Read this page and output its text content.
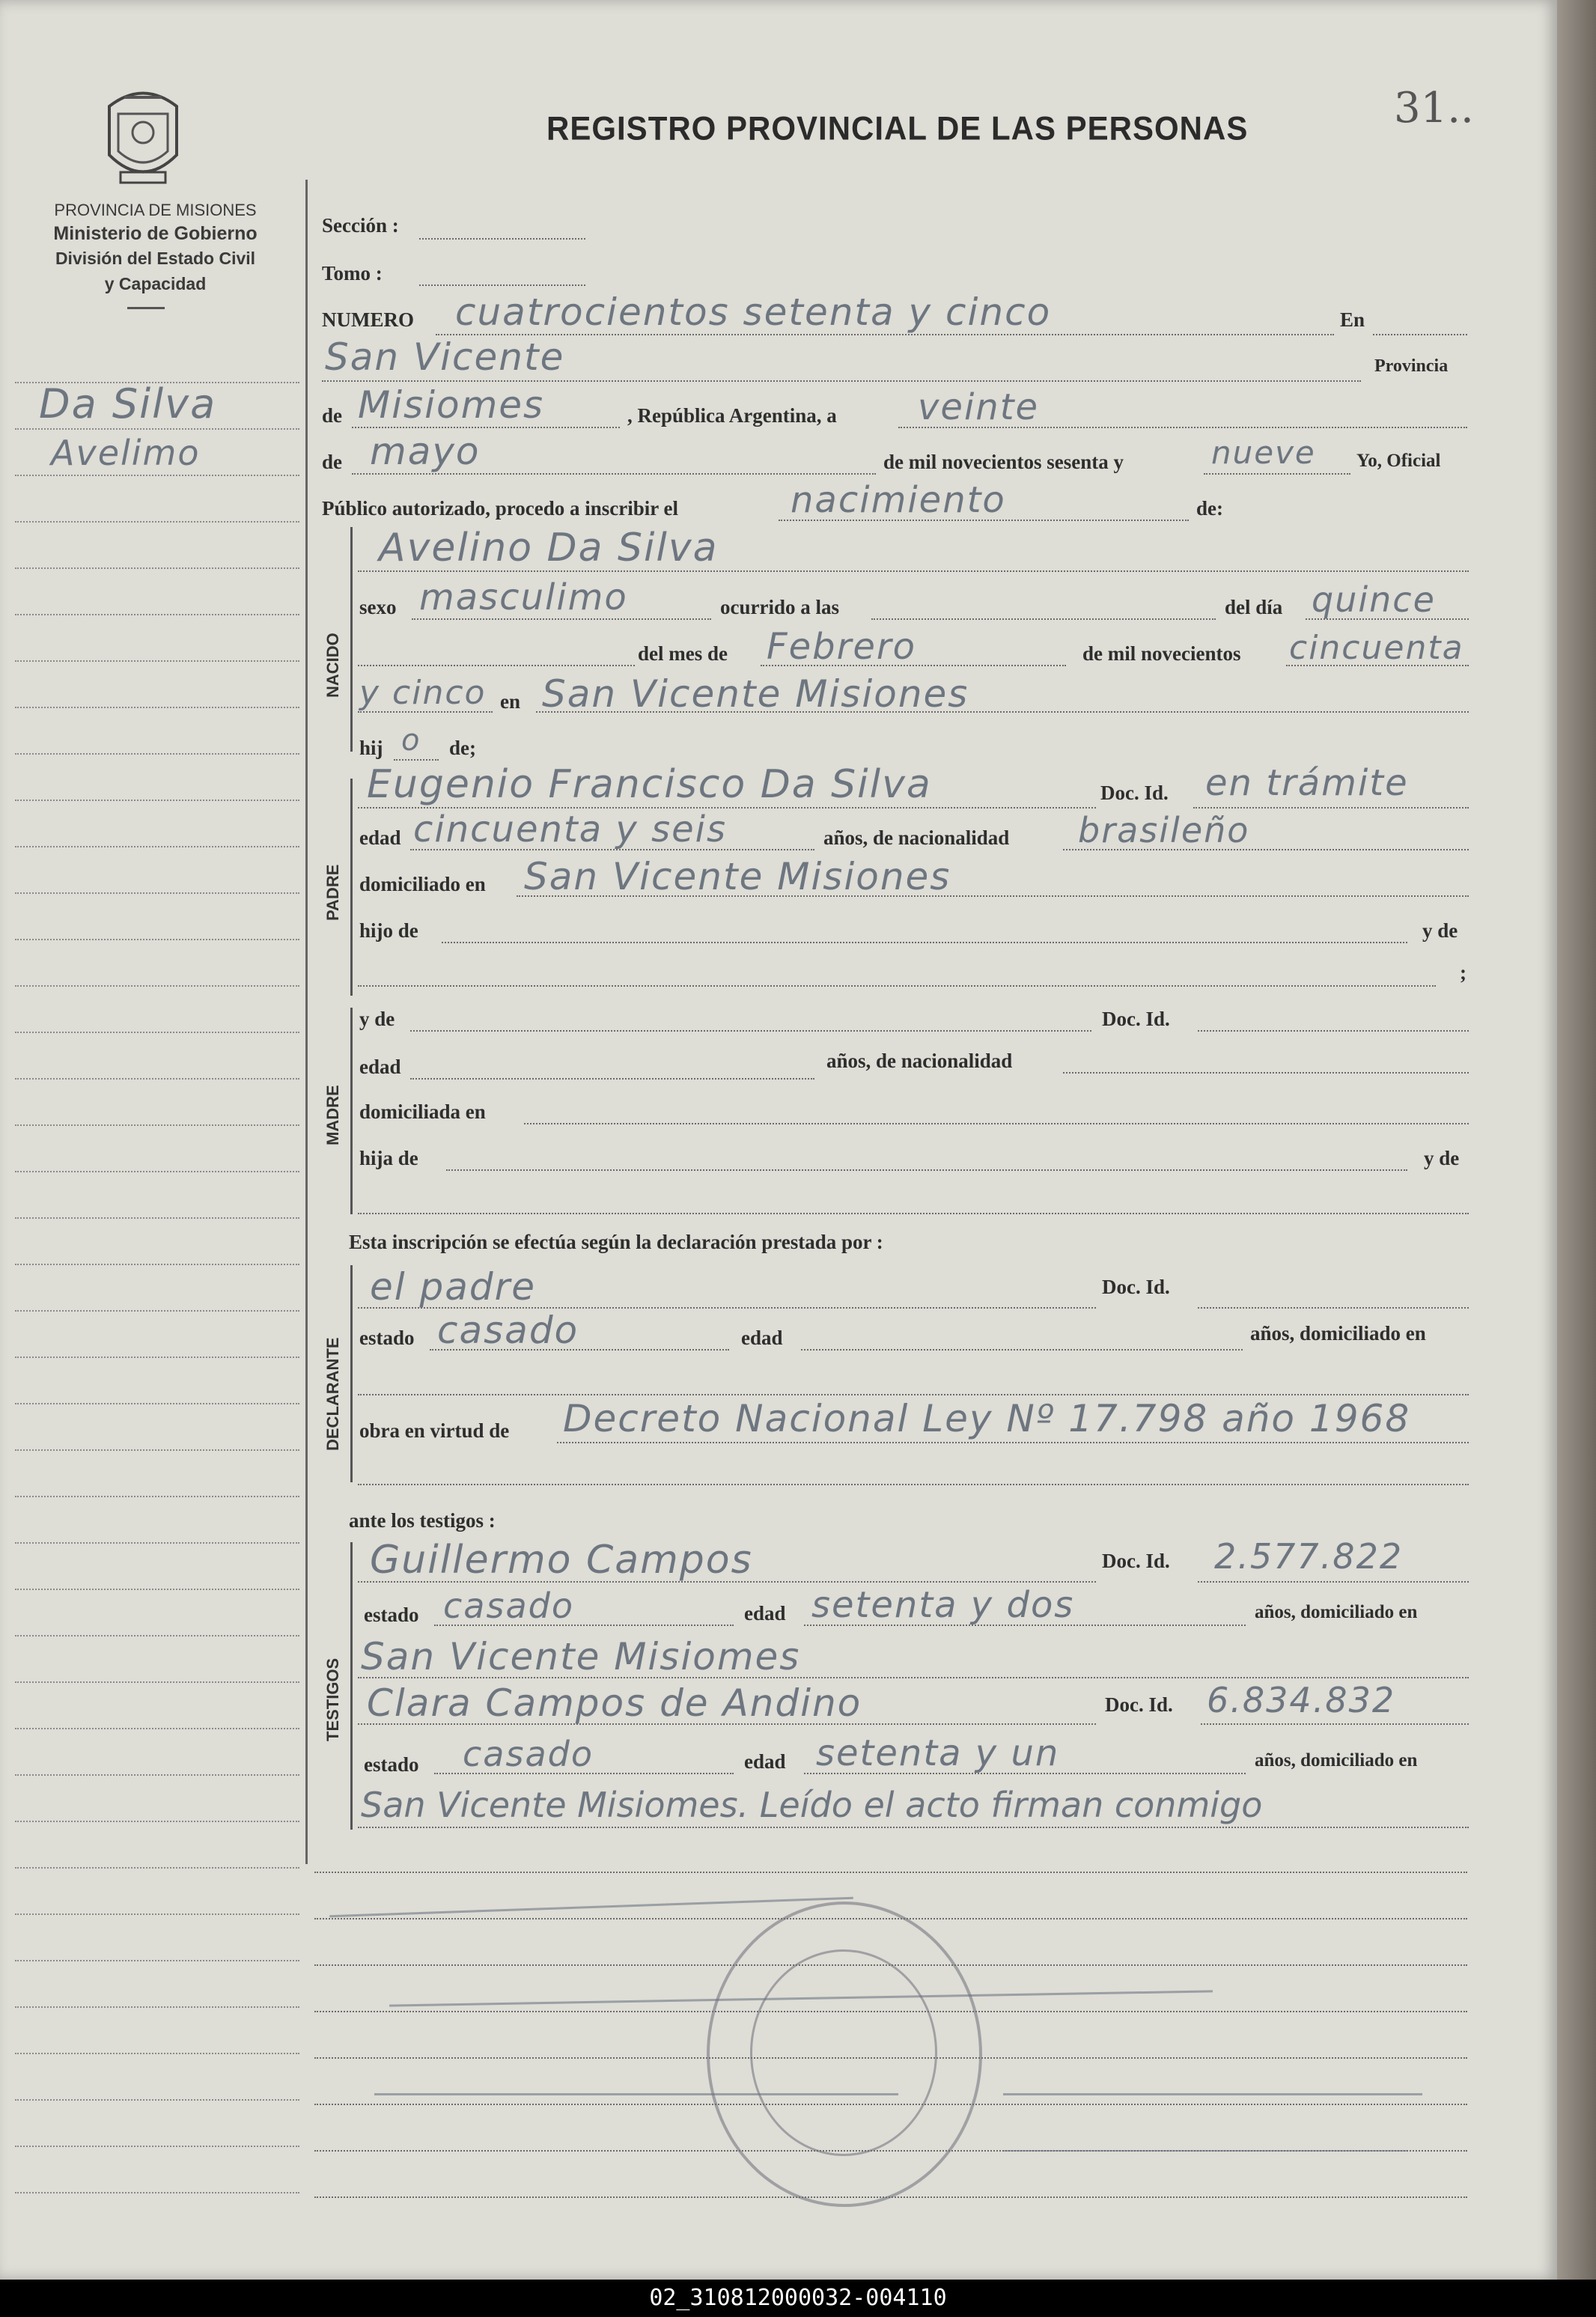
PROVINCIA DE MISIONES
Ministerio de Gobierno
División del Estado Civil
y Capacidad
Da Silva
Avelimo
REGISTRO PROVINCIAL DE LAS PERSONAS	31..
Sección :
Tomo :
NUMERO cuatrocientos setenta y cinco	En
San Vicente	Provincia
de Misiomes	, República Argentina, a veinte
de mayo	de mil novecientos sesenta y	nueve Yo, Oficial
Público autorizado, procedo a inscribir el	nacimiento	de:
NACIDO
Avelino Da Silva
sexo masculimo	ocurrido a las	del día quince
del mes de Febrero	de mil novecientos cincuenta
y cinco en San Vicente Misiones
hij o de;
PADRE
Eugenio Francisco Da Silva	Doc. Id. en trámite
edad cincuenta y seis	años, de nacionalidad brasileño
domiciliado en San Vicente Misiones
hijo de	y de
;
MADRE
y de	Doc. Id.
edad	años, de nacionalidad
domiciliada en
hija de	y de
Esta inscripción se efectúa según la declaración prestada por :
DECLARANTE
el padre	Doc. Id.
estado casado	edad	años, domiciliado en
obra en virtud de Decreto Nacional Ley Nº 17.798 año 1968
ante los testigos :
TESTIGOS
Guillermo Campos	Doc. Id. 2.577.822
estado casado	edad setenta y dos	años, domiciliado en
San Vicente Misiomes
Clara Campos de Andino	Doc. Id. 6.834.832
estado casado	edad setenta y un	años, domiciliado en
San Vicente Misiomes. Leído el acto firman conmigo
02_310812000032-004110
